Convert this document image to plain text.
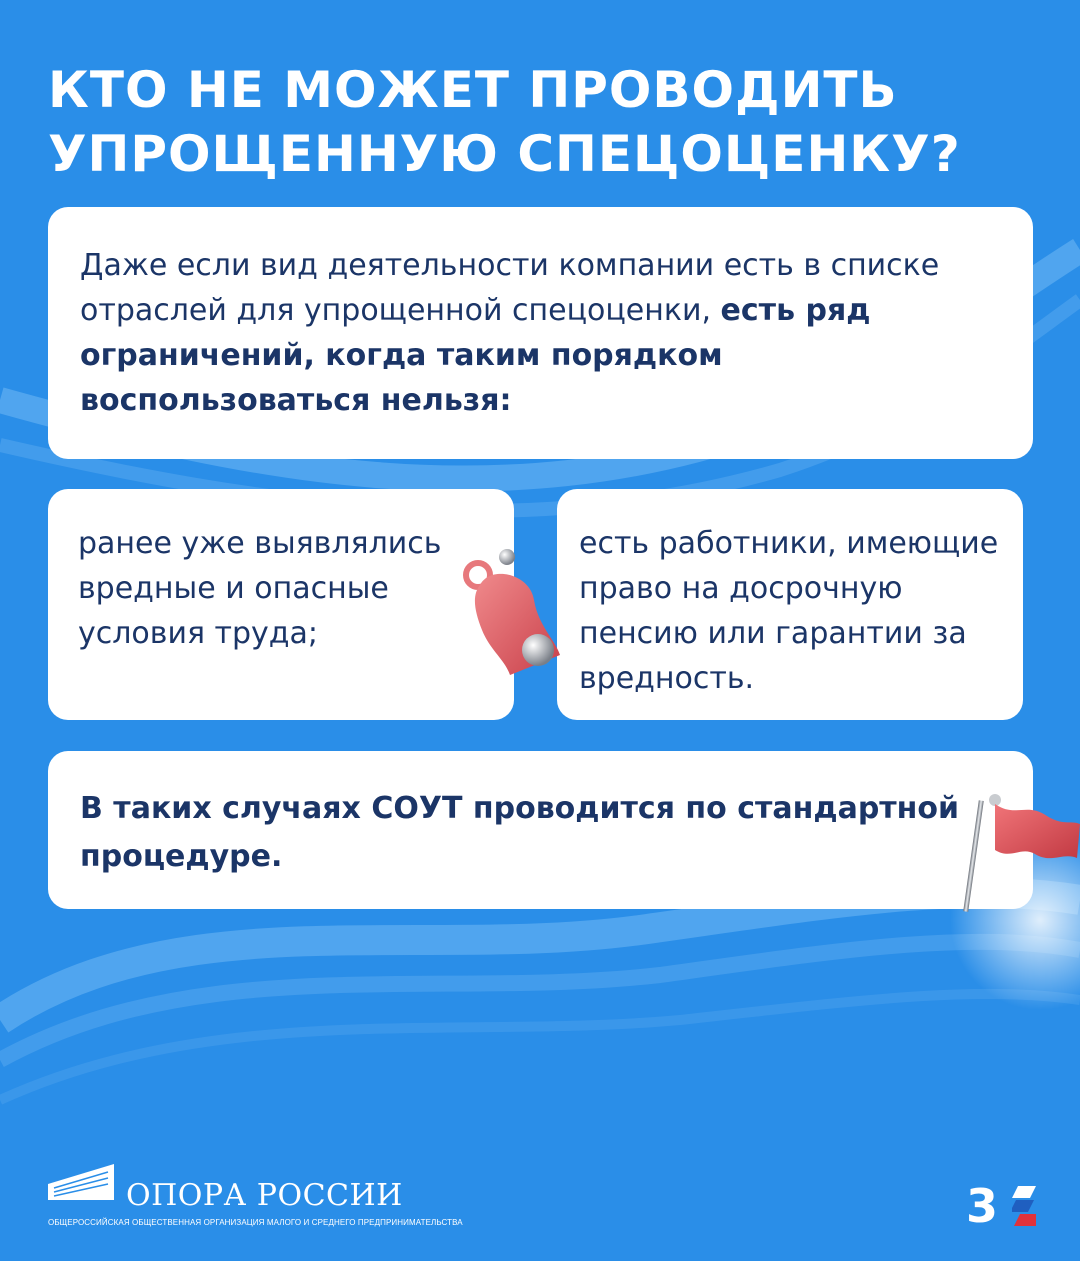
КТО НЕ МОЖЕТ ПРОВОДИТЬ УПРОЩЕННУЮ СПЕЦОЦЕНКУ?
Даже если вид деятельности компании есть в списке отраслей для упрощенной спецоценки, есть ряд ограничений, когда таким порядком воспользоваться нельзя:
ранее уже выявлялись вредные и опасные условия труда;
есть работники, имеющие право на досрочную пенсию или гарантии за вредность.
В таких случаях СОУТ проводится по стандартной процедуре.
ОПОРА РОССИИ
ОБЩЕРОССИЙСКАЯ ОБЩЕСТВЕННАЯ ОРГАНИЗАЦИЯ МАЛОГО И СРЕДНЕГО ПРЕДПРИНИМАТЕЛЬСТВА	3
